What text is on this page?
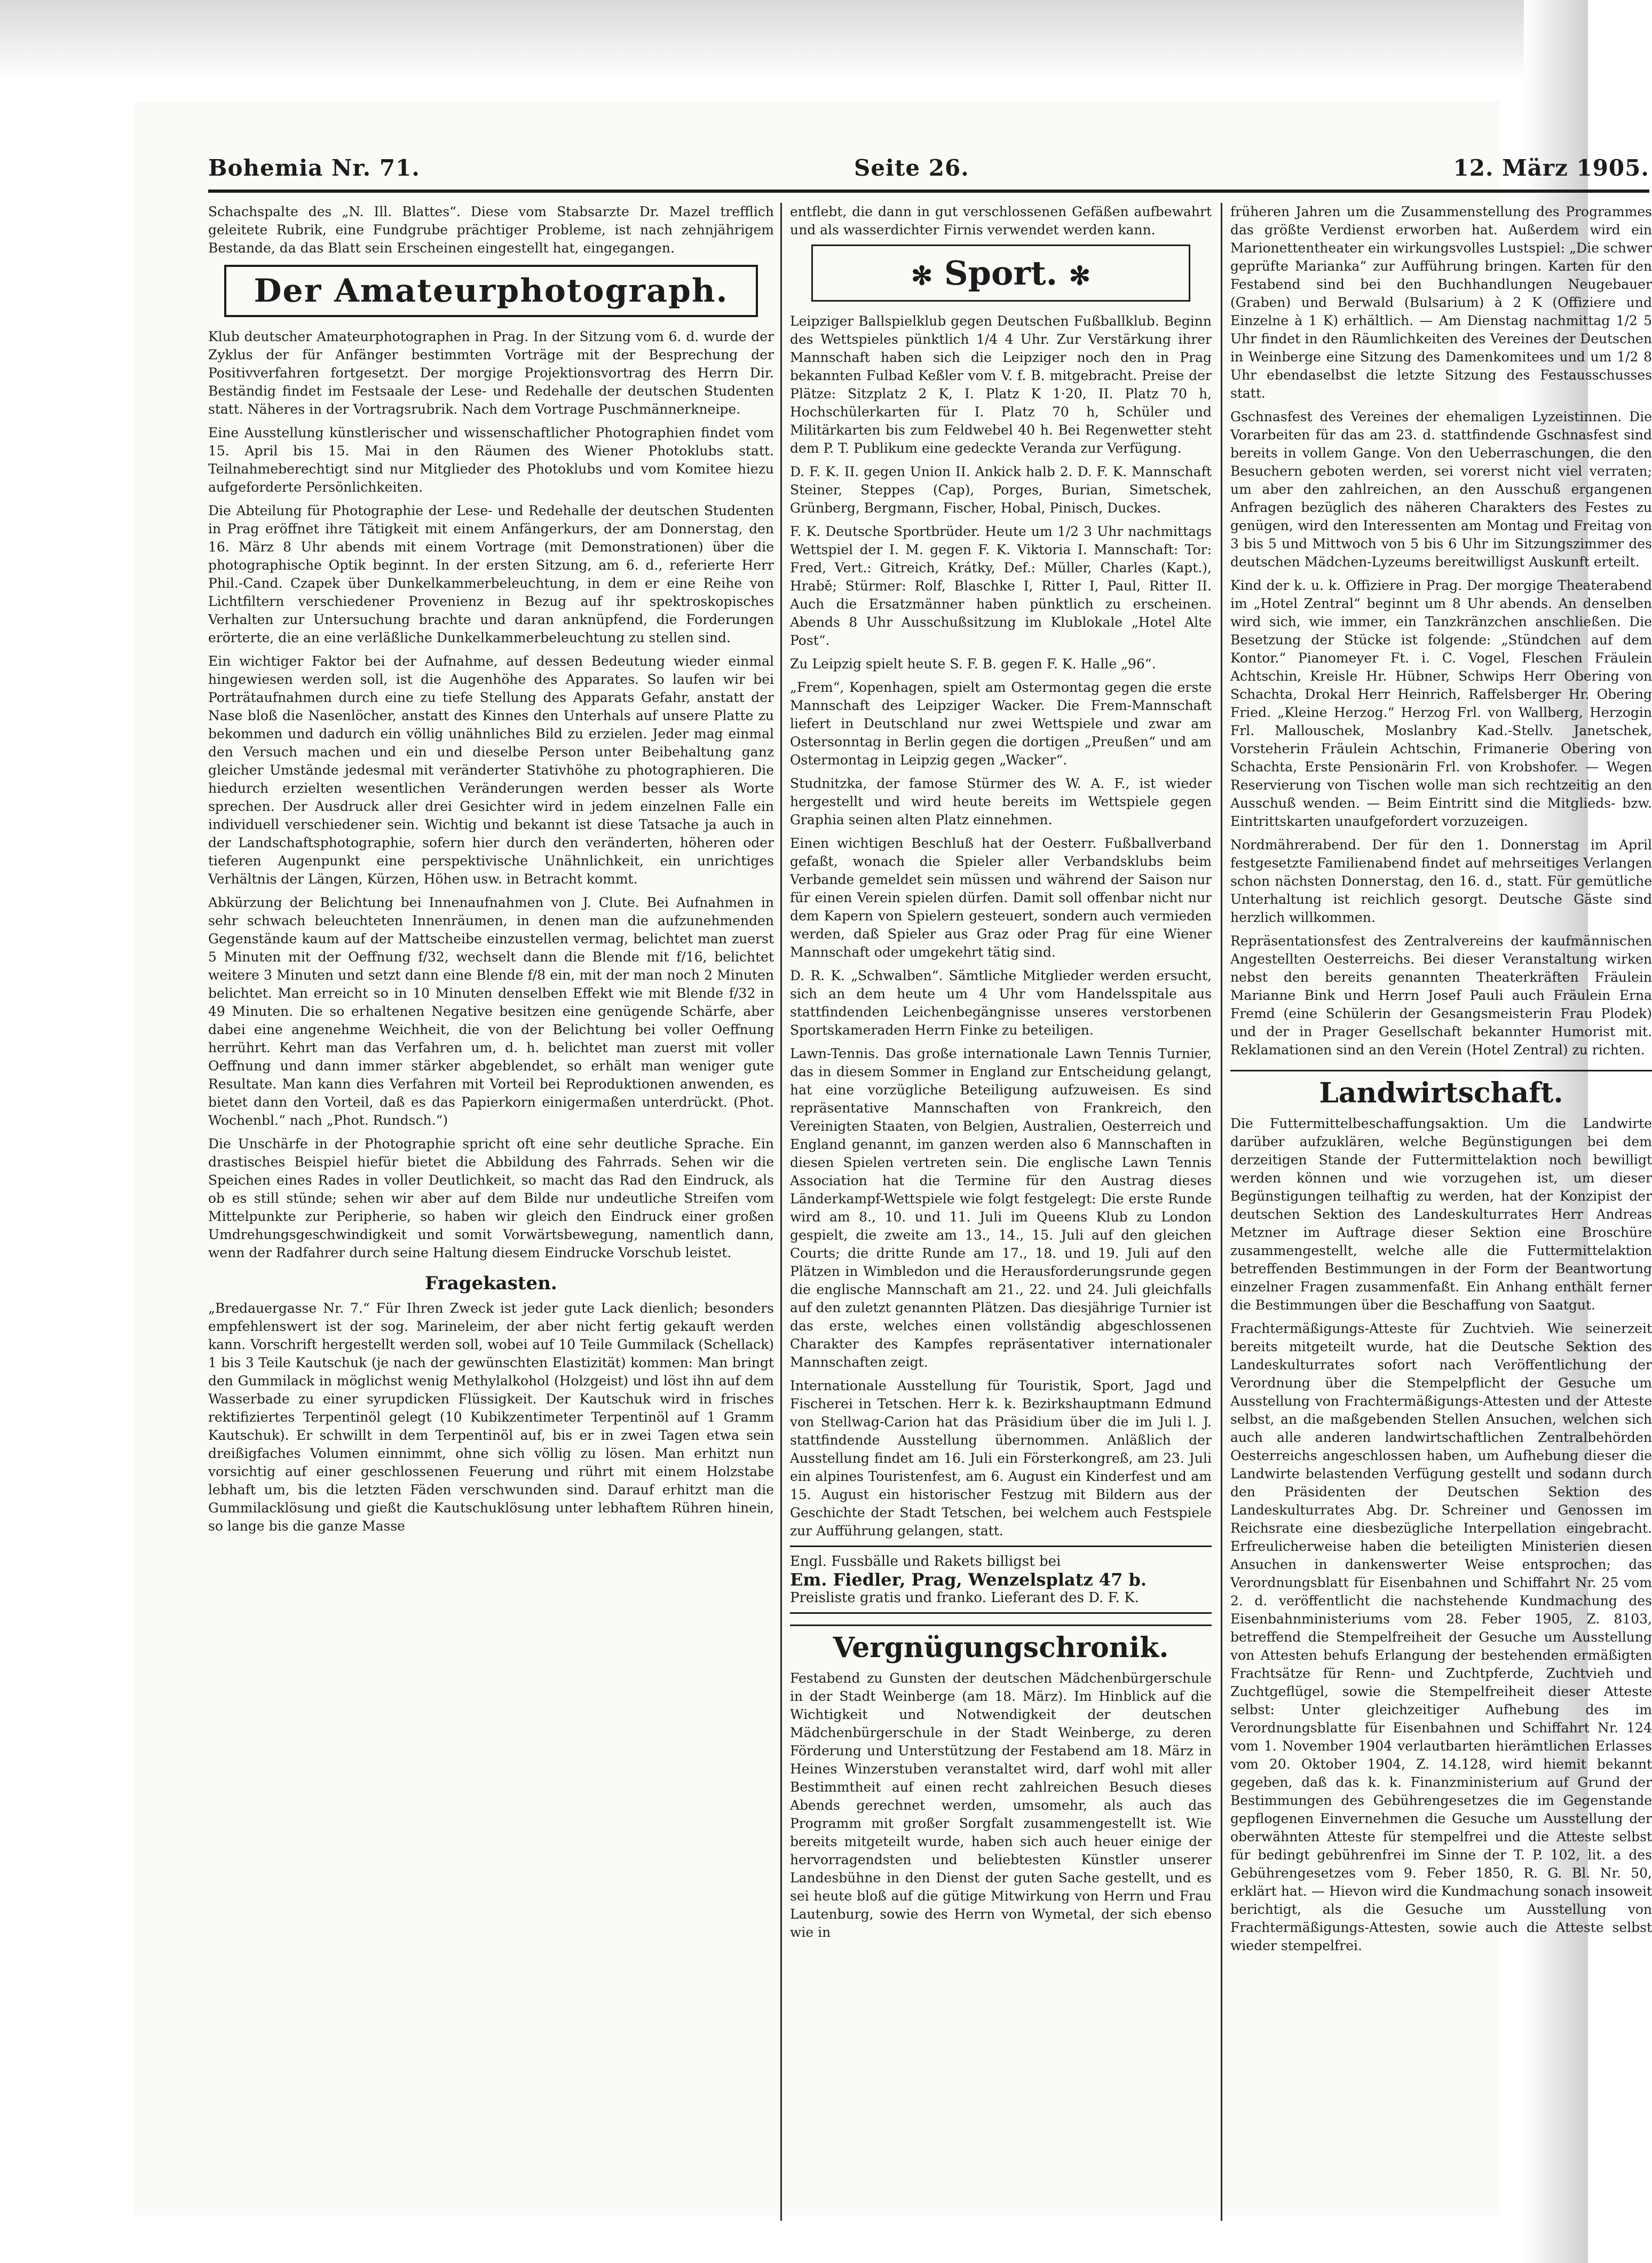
Bohemia Nr. 71.	Seite 26.	12. März 1905.

Schachspalte des „N. Ill. Blattes“. Diese vom Stabsarzte Dr. Mazel trefflich geleitete Rubrik, eine Fundgrube prächtiger Probleme, ist nach zehnjährigem Bestande, da das Blatt sein Erscheinen eingestellt hat, eingegangen.

Der Amateurphotograph.

Klub deutscher Amateurphotographen in Prag. In der Sitzung vom 6. d. wurde der Zyklus der für Anfänger bestimmten Vorträge mit der Besprechung der Positivverfahren fortgesetzt. Der morgige Projektionsvortrag des Herrn Dir. Beständig findet im Festsaale der Lese- und Redehalle der deutschen Studenten statt. Näheres in der Vortragsrubrik. Nach dem Vortrage Puschmännerkneipe.

Eine Ausstellung künstlerischer und wissenschaftlicher Photographien findet vom 15. April bis 15. Mai in den Räumen des Wiener Photoklubs statt. Teilnahmeberechtigt sind nur Mitglieder des Photoklubs und vom Komitee hiezu aufgeforderte Persönlichkeiten.

Die Abteilung für Photographie der Lese- und Redehalle der deutschen Studenten in Prag eröffnet ihre Tätigkeit mit einem Anfängerkurs, der am Donnerstag, den 16. März 8 Uhr abends mit einem Vortrage (mit Demonstrationen) über die photographische Optik beginnt. In der ersten Sitzung, am 6. d., referierte Herr Phil.-Cand. Czapek über Dunkelkammerbeleuchtung, in dem er eine Reihe von Lichtfiltern verschiedener Provenienz in Bezug auf ihr spektroskopisches Verhalten zur Untersuchung brachte und daran anknüpfend, die Forderungen erörterte, die an eine verläßliche Dunkelkammerbeleuchtung zu stellen sind.

Ein wichtiger Faktor bei der Aufnahme, auf dessen Bedeutung wieder einmal hingewiesen werden soll, ist die Augenhöhe des Apparates. So laufen wir bei Porträtaufnahmen durch eine zu tiefe Stellung des Apparats Gefahr, anstatt der Nase bloß die Nasenlöcher, anstatt des Kinnes den Unterhals auf unsere Platte zu bekommen und dadurch ein völlig unähnliches Bild zu erzielen. Jeder mag einmal den Versuch machen und ein und dieselbe Person unter Beibehaltung ganz gleicher Umstände jedesmal mit veränderter Stativhöhe zu photographieren. Die hiedurch erzielten wesentlichen Veränderungen werden besser als Worte sprechen. Der Ausdruck aller drei Gesichter wird in jedem einzelnen Falle ein individuell verschiedener sein. Wichtig und bekannt ist diese Tatsache ja auch in der Landschaftsphotographie, sofern hier durch den veränderten, höheren oder tieferen Augenpunkt eine perspektivische Unähnlichkeit, ein unrichtiges Verhältnis der Längen, Kürzen, Höhen usw. in Betracht kommt.

Abkürzung der Belichtung bei Innenaufnahmen von J. Clute. Bei Aufnahmen in sehr schwach beleuchteten Innenräumen, in denen man die aufzunehmenden Gegenstände kaum auf der Mattscheibe einzustellen vermag, belichtet man zuerst 5 Minuten mit der Oeffnung f/32, wechselt dann die Blende mit f/16, belichtet weitere 3 Minuten und setzt dann eine Blende f/8 ein, mit der man noch 2 Minuten belichtet. Man erreicht so in 10 Minuten denselben Effekt wie mit Blende f/32 in 49 Minuten. Die so erhaltenen Negative besitzen eine genügende Schärfe, aber dabei eine angenehme Weichheit, die von der Belichtung bei voller Oeffnung herrührt. Kehrt man das Verfahren um, d. h. belichtet man zuerst mit voller Oeffnung und dann immer stärker abgeblendet, so erhält man weniger gute Resultate. Man kann dies Verfahren mit Vorteil bei Reproduktionen anwenden, es bietet dann den Vorteil, daß es das Papierkorn einigermaßen unterdrückt. (Phot. Wochenbl.“ nach „Phot. Rundsch.“)

Die Unschärfe in der Photographie spricht oft eine sehr deutliche Sprache. Ein drastisches Beispiel hiefür bietet die Abbildung des Fahrrads. Sehen wir die Speichen eines Rades in voller Deutlichkeit, so macht das Rad den Eindruck, als ob es still stünde; sehen wir aber auf dem Bilde nur undeutliche Streifen vom Mittelpunkte zur Peripherie, so haben wir gleich den Eindruck einer großen Umdrehungsgeschwindigkeit und somit Vorwärtsbewegung, namentlich dann, wenn der Radfahrer durch seine Haltung diesem Eindrucke Vorschub leistet.

Fragekasten.

„Bredauergasse Nr. 7.“ Für Ihren Zweck ist jeder gute Lack dienlich; besonders empfehlenswert ist der sog. Marineleim, der aber nicht fertig gekauft werden kann. Vorschrift hergestellt werden soll, wobei auf 10 Teile Gummilack (Schellack) 1 bis 3 Teile Kautschuk (je nach der gewünschten Elastizität) kommen: Man bringt den Gummilack in möglichst wenig Methylalkohol (Holzgeist) und löst ihn auf dem Wasserbade zu einer syrupdicken Flüssigkeit. Der Kautschuk wird in frisches rektifiziertes Terpentinöl gelegt (10 Kubikzentimeter Terpentinöl auf 1 Gramm Kautschuk). Er schwillt in dem Terpentinöl auf, bis er in zwei Tagen etwa sein dreißigfaches Volumen einnimmt, ohne sich völlig zu lösen. Man erhitzt nun vorsichtig auf einer geschlossenen Feuerung und rührt mit einem Holzstabe lebhaft um, bis die letzten Fäden verschwunden sind. Darauf erhitzt man die Gummilacklösung und gießt die Kautschuklösung unter lebhaftem Rühren hinein, so lange bis die ganze Masse

entflebt, die dann in gut verschlossenen Gefäßen aufbewahrt und als wasserdichter Firnis verwendet werden kann.

✻ Sport. ✻

Leipziger Ballspielklub gegen Deutschen Fußballklub. Beginn des Wettspieles pünktlich 1/4 4 Uhr. Zur Verstärkung ihrer Mannschaft haben sich die Leipziger noch den in Prag bekannten Fulbad Keßler vom V. f. B. mitgebracht. Preise der Plätze: Sitzplatz 2 K, I. Platz K 1·20, II. Platz 70 h, Hochschülerkarten für I. Platz 70 h, Schüler und Militärkarten bis zum Feldwebel 40 h. Bei Regenwetter steht dem P. T. Publikum eine gedeckte Veranda zur Verfügung.

D. F. K. II. gegen Union II. Ankick halb 2. D. F. K. Mannschaft Steiner, Steppes (Cap), Porges, Burian, Simetschek, Grünberg, Bergmann, Fischer, Hobal, Pinisch, Duckes.

F. K. Deutsche Sportbrüder. Heute um 1/2 3 Uhr nachmittags Wettspiel der I. M. gegen F. K. Viktoria I. Mannschaft: Tor: Fred, Vert.: Gitreich, Krátky, Def.: Müller, Charles (Kapt.), Hrabě; Stürmer: Rolf, Blaschke I, Ritter I, Paul, Ritter II. Auch die Ersatzmänner haben pünktlich zu erscheinen. Abends 8 Uhr Ausschußsitzung im Klublokale „Hotel Alte Post“.

Zu Leipzig spielt heute S. F. B. gegen F. K. Halle „96“.

„Frem“, Kopenhagen, spielt am Ostermontag gegen die erste Mannschaft des Leipziger Wacker. Die Frem-Mannschaft liefert in Deutschland nur zwei Wettspiele und zwar am Ostersonntag in Berlin gegen die dortigen „Preußen“ und am Ostermontag in Leipzig gegen „Wacker“.

Studnitzka, der famose Stürmer des W. A. F., ist wieder hergestellt und wird heute bereits im Wettspiele gegen Graphia seinen alten Platz einnehmen.

Einen wichtigen Beschluß hat der Oesterr. Fußballverband gefaßt, wonach die Spieler aller Verbandsklubs beim Verbande gemeldet sein müssen und während der Saison nur für einen Verein spielen dürfen. Damit soll offenbar nicht nur dem Kapern von Spielern gesteuert, sondern auch vermieden werden, daß Spieler aus Graz oder Prag für eine Wiener Mannschaft oder umgekehrt tätig sind.

D. R. K. „Schwalben“. Sämtliche Mitglieder werden ersucht, sich an dem heute um 4 Uhr vom Handelsspitale aus stattfindenden Leichenbegängnisse unseres verstorbenen Sportskameraden Herrn Finke zu beteiligen.

Lawn-Tennis. Das große internationale Lawn Tennis Turnier, das in diesem Sommer in England zur Entscheidung gelangt, hat eine vorzügliche Beteiligung aufzuweisen. Es sind repräsentative Mannschaften von Frankreich, den Vereinigten Staaten, von Belgien, Australien, Oesterreich und England genannt, im ganzen werden also 6 Mannschaften in diesen Spielen vertreten sein. Die englische Lawn Tennis Association hat die Termine für den Austrag dieses Länderkampf-Wettspiele wie folgt festgelegt: Die erste Runde wird am 8., 10. und 11. Juli im Queens Klub zu London gespielt, die zweite am 13., 14., 15. Juli auf den gleichen Courts; die dritte Runde am 17., 18. und 19. Juli auf den Plätzen in Wimbledon und die Herausforderungsrunde gegen die englische Mannschaft am 21., 22. und 24. Juli gleichfalls auf den zuletzt genannten Plätzen. Das diesjährige Turnier ist das erste, welches einen vollständig abgeschlossenen Charakter des Kampfes repräsentativer internationaler Mannschaften zeigt.

Internationale Ausstellung für Touristik, Sport, Jagd und Fischerei in Tetschen. Herr k. k. Bezirkshauptmann Edmund von Stellwag-Carion hat das Präsidium über die im Juli l. J. stattfindende Ausstellung übernommen. Anläßlich der Ausstellung findet am 16. Juli ein Försterkongreß, am 23. Juli ein alpines Touristenfest, am 6. August ein Kinderfest und am 15. August ein historischer Festzug mit Bildern aus der Geschichte der Stadt Tetschen, bei welchem auch Festspiele zur Aufführung gelangen, statt.

Engl. Fussbälle und Rakets billigst bei

Em. Fiedler, Prag, Wenzelsplatz 47 b.

Preisliste gratis und franko. Lieferant des D. F. K.

Vergnügungschronik.

Festabend zu Gunsten der deutschen Mädchenbürgerschule in der Stadt Weinberge (am 18. März). Im Hinblick auf die Wichtigkeit und Notwendigkeit der deutschen Mädchenbürgerschule in der Stadt Weinberge, zu deren Förderung und Unterstützung der Festabend am 18. März in Heines Winzerstuben veranstaltet wird, darf wohl mit aller Bestimmtheit auf einen recht zahlreichen Besuch dieses Abends gerechnet werden, umsomehr, als auch das Programm mit großer Sorgfalt zusammengestellt ist. Wie bereits mitgeteilt wurde, haben sich auch heuer einige der hervorragendsten und beliebtesten Künstler unserer Landesbühne in den Dienst der guten Sache gestellt, und es sei heute bloß auf die gütige Mitwirkung von Herrn und Frau Lautenburg, sowie des Herrn von Wymetal, der sich ebenso wie in

früheren Jahren um die Zusammenstellung des Programmes das größte Verdienst erworben hat. Außerdem wird ein Marionettentheater ein wirkungsvolles Lustspiel: „Die schwer geprüfte Marianka“ zur Aufführung bringen. Karten für den Festabend sind bei den Buchhandlungen Neugebauer (Graben) und Berwald (Bulsarium) à 2 K (Offiziere und Einzelne à 1 K) erhältlich. — Am Dienstag nachmittag 1/2 5 Uhr findet in den Räumlichkeiten des Vereines der Deutschen in Weinberge eine Sitzung des Damenkomitees und um 1/2 8 Uhr ebendaselbst die letzte Sitzung des Festausschusses statt.

Gschnasfest des Vereines der ehemaligen Lyzeistinnen. Die Vorarbeiten für das am 23. d. stattfindende Gschnasfest sind bereits in vollem Gange. Von den Ueberraschungen, die den Besuchern geboten werden, sei vorerst nicht viel verraten; um aber den zahlreichen, an den Ausschuß ergangenen Anfragen bezüglich des näheren Charakters des Festes zu genügen, wird den Interessenten am Montag und Freitag von 3 bis 5 und Mittwoch von 5 bis 6 Uhr im Sitzungszimmer des deutschen Mädchen-Lyzeums bereitwilligst Auskunft erteilt.

Kind der k. u. k. Offiziere in Prag. Der morgige Theaterabend im „Hotel Zentral“ beginnt um 8 Uhr abends. An denselben wird sich, wie immer, ein Tanzkränzchen anschließen. Die Besetzung der Stücke ist folgende: „Stündchen auf dem Kontor.“ Pianomeyer Ft. i. C. Vogel, Fleschen Fräulein Achtschin, Kreisle Hr. Hübner, Schwips Herr Obering von Schachta, Drokal Herr Heinrich, Raffelsberger Hr. Obering Fried. „Kleine Herzog.“ Herzog Frl. von Wallberg, Herzogin Frl. Mallouschek, Moslanbry Kad.-Stellv. Janetschek, Vorsteherin Fräulein Achtschin, Frimanerie Obering von Schachta, Erste Pensionärin Frl. von Krobshofer. — Wegen Reservierung von Tischen wolle man sich rechtzeitig an den Ausschuß wenden. — Beim Eintritt sind die Mitglieds- bzw. Eintrittskarten unaufgefordert vorzuzeigen.

Nordmährerabend. Der für den 1. Donnerstag im April festgesetzte Familienabend findet auf mehrseitiges Verlangen schon nächsten Donnerstag, den 16. d., statt. Für gemütliche Unterhaltung ist reichlich gesorgt. Deutsche Gäste sind herzlich willkommen.

Repräsentationsfest des Zentralvereins der kaufmännischen Angestellten Oesterreichs. Bei dieser Veranstaltung wirken nebst den bereits genannten Theaterkräften Fräulein Marianne Bink und Herrn Josef Pauli auch Fräulein Erna Fremd (eine Schülerin der Gesangsmeisterin Frau Plodek) und der in Prager Gesellschaft bekannter Humorist mit. Reklamationen sind an den Verein (Hotel Zentral) zu richten.

Landwirtschaft.

Die Futtermittelbeschaffungsaktion. Um die Landwirte darüber aufzuklären, welche Begünstigungen bei dem derzeitigen Stande der Futtermittelaktion noch bewilligt werden können und wie vorzugehen ist, um dieser Begünstigungen teilhaftig zu werden, hat der Konzipist der deutschen Sektion des Landeskulturrates Herr Andreas Metzner im Auftrage dieser Sektion eine Broschüre zusammengestellt, welche alle die Futtermittelaktion betreffenden Bestimmungen in der Form der Beantwortung einzelner Fragen zusammenfaßt. Ein Anhang enthält ferner die Bestimmungen über die Beschaffung von Saatgut.

Frachtermäßigungs-Atteste für Zuchtvieh. Wie seinerzeit bereits mitgeteilt wurde, hat die Deutsche Sektion des Landeskulturrates sofort nach Veröffentlichung der Verordnung über die Stempelpflicht der Gesuche um Ausstellung von Frachtermäßigungs-Attesten und der Atteste selbst, an die maßgebenden Stellen Ansuchen, welchen sich auch alle anderen landwirtschaftlichen Zentralbehörden Oesterreichs angeschlossen haben, um Aufhebung dieser die Landwirte belastenden Verfügung gestellt und sodann durch den Präsidenten der Deutschen Sektion des Landeskulturrates Abg. Dr. Schreiner und Genossen im Reichsrate eine diesbezügliche Interpellation eingebracht. Erfreulicherweise haben die beteiligten Ministerien diesen Ansuchen in dankenswerter Weise entsprochen; das Verordnungsblatt für Eisenbahnen und Schiffahrt Nr. 25 vom 2. d. veröffentlicht die nachstehende Kundmachung des Eisenbahnministeriums vom 28. Feber 1905, Z. 8103, betreffend die Stempelfreiheit der Gesuche um Ausstellung von Attesten behufs Erlangung der bestehenden ermäßigten Frachtsätze für Renn- und Zuchtpferde, Zuchtvieh und Zuchtgeflügel, sowie die Stempelfreiheit dieser Atteste selbst: Unter gleichzeitiger Aufhebung des im Verordnungsblatte für Eisenbahnen und Schiffahrt Nr. 124 vom 1. November 1904 verlautbarten hierämtlichen Erlasses vom 20. Oktober 1904, Z. 14.128, wird hiemit bekannt gegeben, daß das k. k. Finanzministerium auf Grund der Bestimmungen des Gebührengesetzes die im Gegenstande gepflogenen Einvernehmen die Gesuche um Ausstellung der oberwähnten Atteste für stempelfrei und die Atteste selbst für bedingt gebührenfrei im Sinne der T. P. 102, lit. a des Gebührengesetzes vom 9. Feber 1850, R. G. Bl. Nr. 50, erklärt hat. — Hievon wird die Kundmachung sonach insoweit berichtigt, als die Gesuche um Ausstellung von Frachtermäßigungs-Attesten, sowie auch die Atteste selbst wieder stempelfrei.
